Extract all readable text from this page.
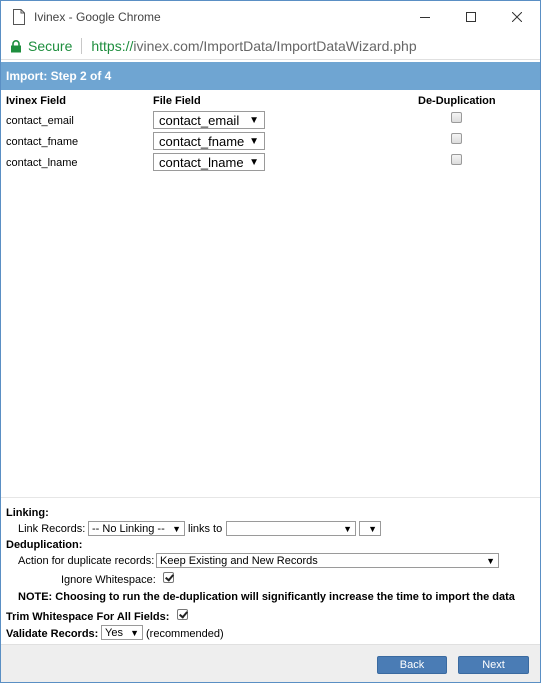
Ivinex - Google Chrome
Secure https:// ivinex.com/ImportData/ImportDataWizard.php
Import: Step 2 of 4
Ivinex Field	File Field	De-Duplication
contact_email	contact_email ▼
contact_fname	contact_fname ▼
contact_lname	contact_lname ▼
Linking:
Link Records: -- No Linking -- ▼ links to	▼ ▼
Deduplication:
Action for duplicate records: Keep Existing and New Records	▼
Ignore Whitespace:
NOTE: Choosing to run the de-duplication will significantly increase the time to import the data
Trim Whitespace For All Fields:
Validate Records: Yes ▼ (recommended)
Back	Next
